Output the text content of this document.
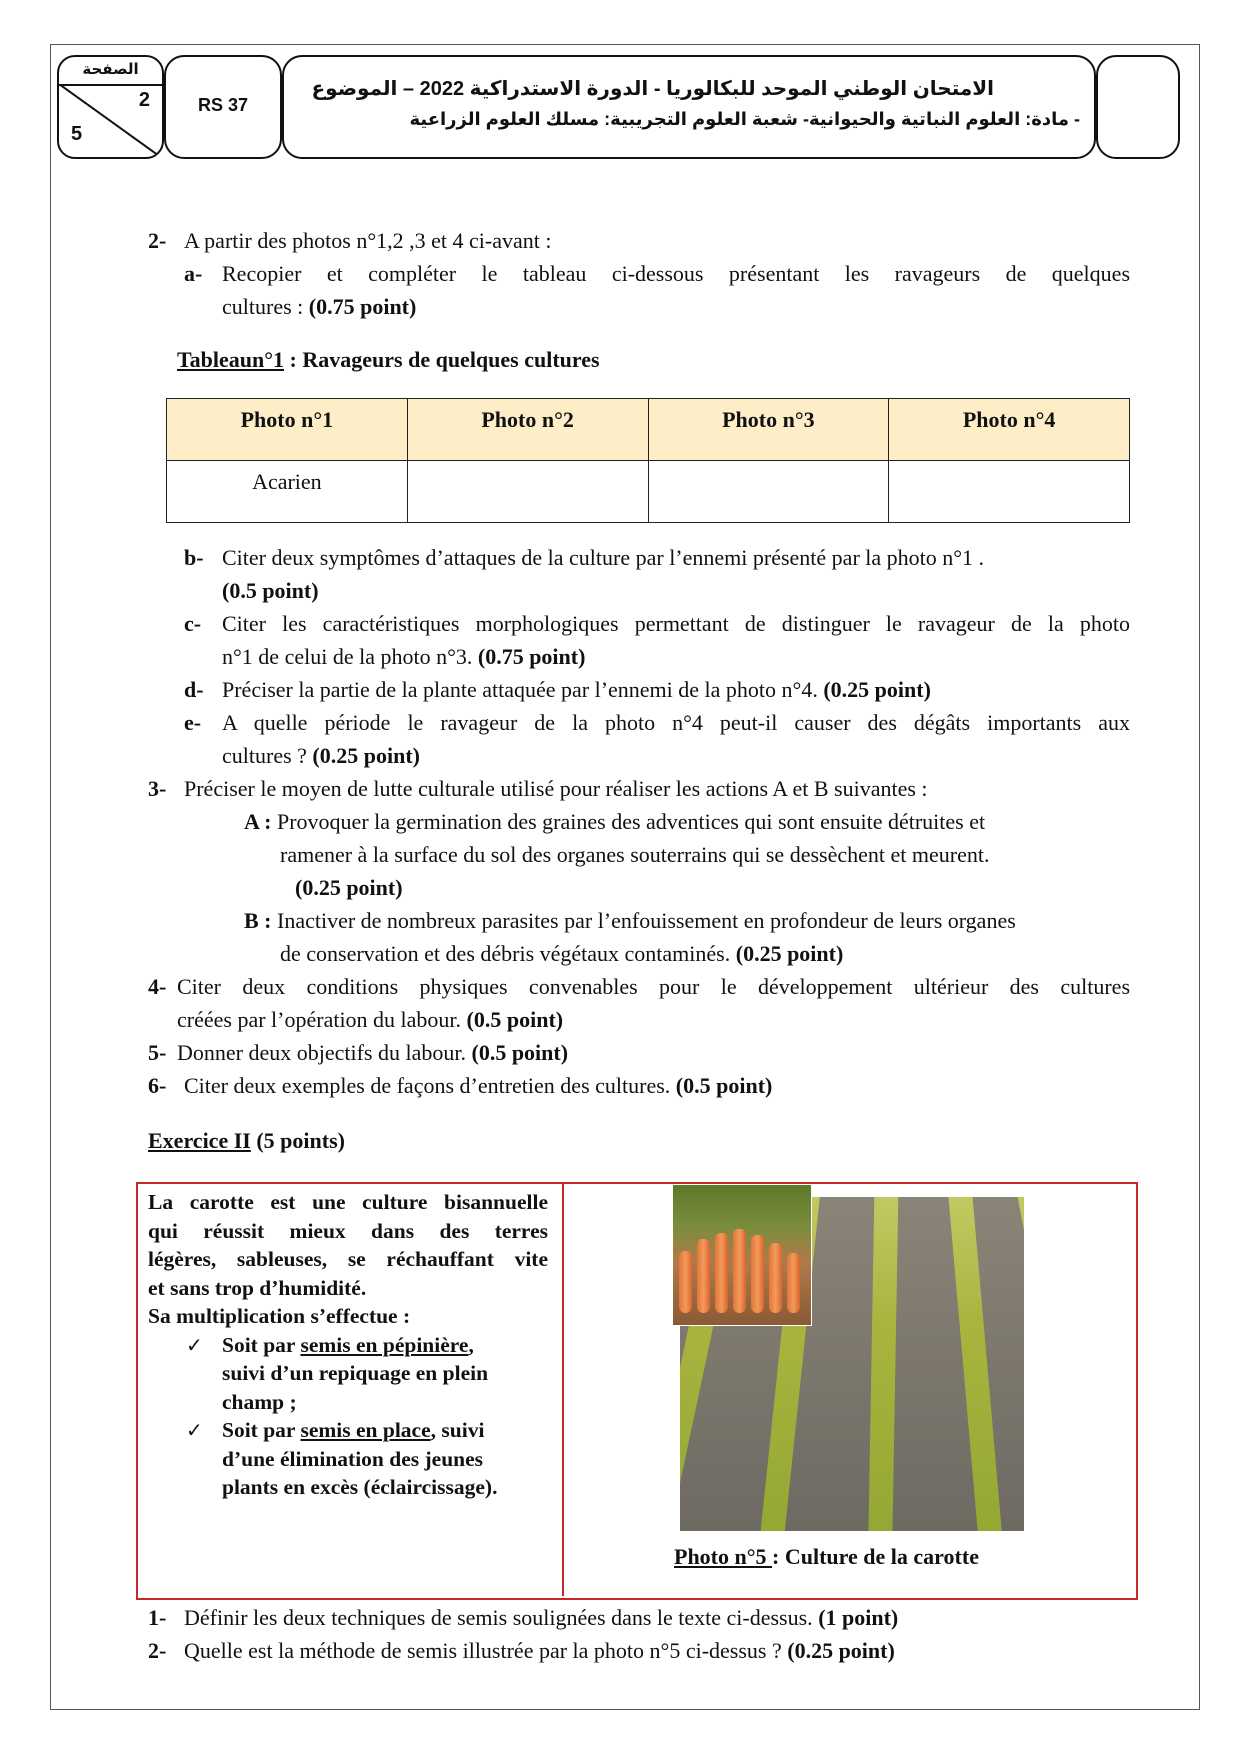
الصفحة
2
5
RS 37
الامتحان الوطني الموحد للبكالوريا - الدورة الاستدراكية 2022 – الموضوع
- مادة: العلوم النباتية والحيوانية- شعبة العلوم التجريبية: مسلك العلوم الزراعية
2- A partir des photos n°1,2 ,3 et 4 ci-avant :
a- Recopier et compléter le tableau ci-dessous présentant les ravageurs de quelques
cultures : (0.75 point)
Tableaun°1 : Ravageurs de quelques cultures
Photo n°1	Photo n°2	Photo n°3	Photo n°4
Acarien			
b- Citer deux symptômes d’attaques de la culture par l’ennemi présenté par la photo n°1 .
(0.5 point)
c- Citer les caractéristiques morphologiques permettant de distinguer le ravageur de la photo
n°1 de celui de la photo n°3. (0.75 point)
d- Préciser la partie de la plante attaquée par l’ennemi de la photo n°4. (0.25 point)
e- A quelle période le ravageur de la photo n°4 peut-il causer des dégâts importants aux
cultures ? (0.25 point)
3- Préciser le moyen de lutte culturale utilisé pour réaliser les actions A et B suivantes :
A : Provoquer la germination des graines des adventices qui sont ensuite détruites et
ramener à la surface du sol des organes souterrains qui se dessèchent et meurent.
(0.25 point)
B : Inactiver de nombreux parasites par l’enfouissement en profondeur de leurs organes
de conservation et des débris végétaux contaminés. (0.25 point)
4- Citer deux conditions physiques convenables pour le développement ultérieur des cultures
créées par l’opération du labour. (0.5 point)
5- Donner deux objectifs du labour. (0.5 point)
6- Citer deux exemples de façons d’entretien des cultures. (0.5 point)
Exercice II (5 points)
La carotte est une culture bisannuelle
qui réussit mieux dans des terres
légères, sableuses, se réchauffant vite
et sans trop d’humidité.
Sa multiplication s’effectue :
✓ Soit par semis en pépinière,
suivi d’un repiquage en plein
champ ;
✓ Soit par semis en place, suivi
d’une élimination des jeunes
plants en excès (éclaircissage).
Photo n°5 : Culture de la carotte
1- Définir les deux techniques de semis soulignées dans le texte ci-dessus. (1 point)
2- Quelle est la méthode de semis illustrée par la photo n°5 ci-dessus ? (0.25 point)
